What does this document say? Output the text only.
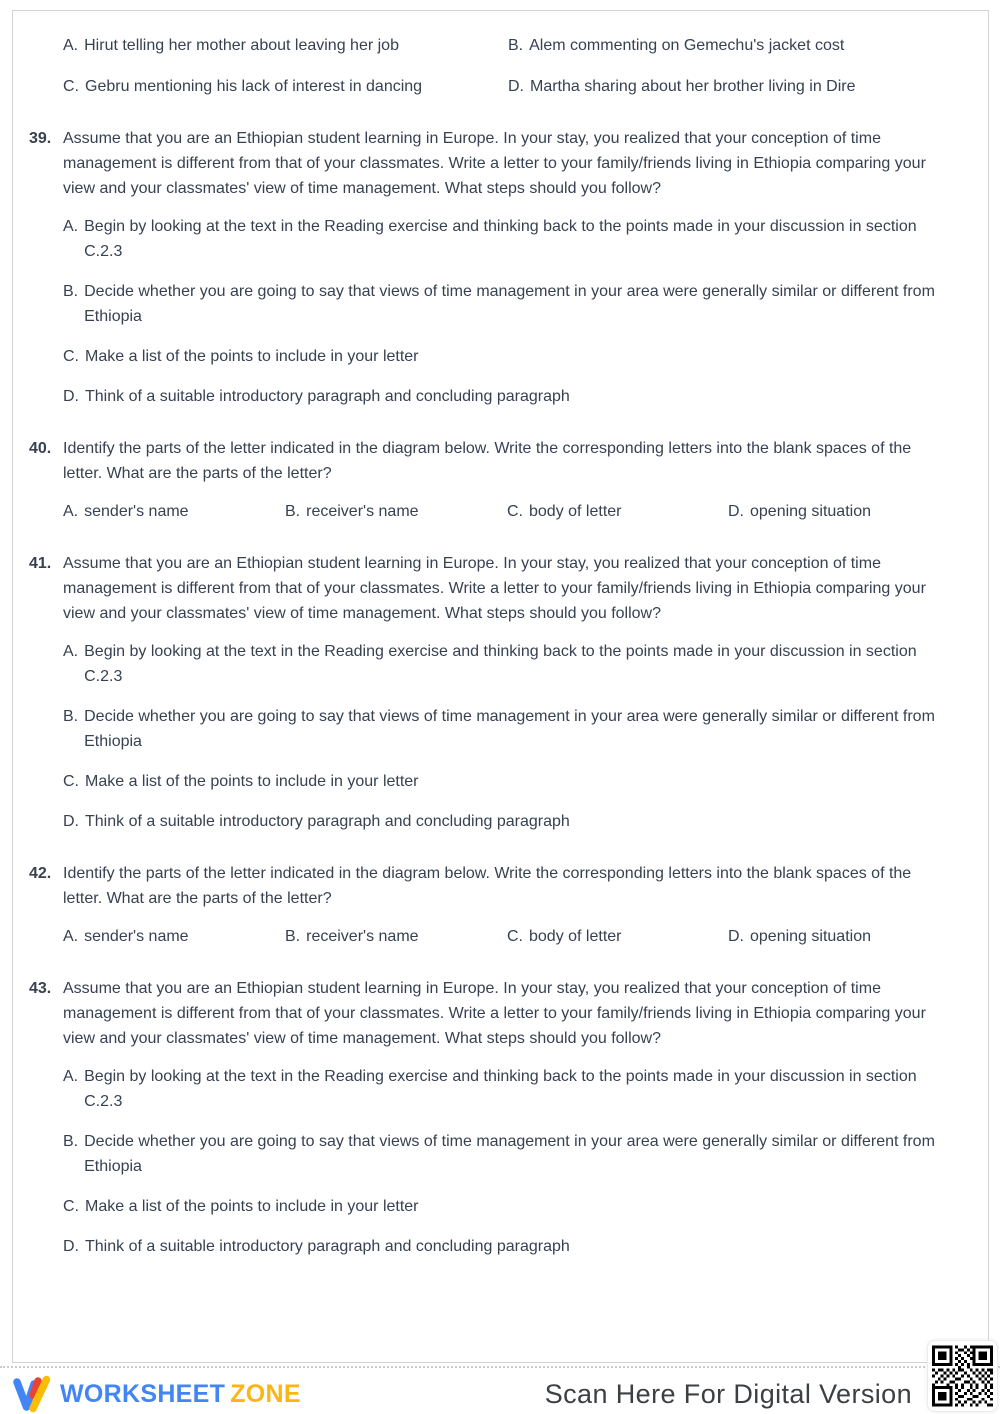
A. Hirut telling her mother about leaving her job	B. Alem commenting on Gemechu's jacket cost
C. Gebru mentioning his lack of interest in dancing	D. Martha sharing about her brother living in Dire
39. Assume that you are an Ethiopian student learning in Europe. In your stay, you realized that your conception of time management is different from that of your classmates. Write a letter to your family/friends living in Ethiopia comparing your view and your classmates' view of time management. What steps should you follow?

A. Begin by looking at the text in the Reading exercise and thinking back to the points made in your discussion in section C.2.3
B. Decide whether you are going to say that views of time management in your area were generally similar or different from Ethiopia
C. Make a list of the points to include in your letter
D. Think of a suitable introductory paragraph and concluding paragraph
40. Identify the parts of the letter indicated in the diagram below. Write the corresponding letters into the blank spaces of the letter. What are the parts of the letter?

A. sender's name	B. receiver's name	C. body of letter	D. opening situation
41. Assume that you are an Ethiopian student learning in Europe. In your stay, you realized that your conception of time management is different from that of your classmates. Write a letter to your family/friends living in Ethiopia comparing your view and your classmates' view of time management. What steps should you follow?

A. Begin by looking at the text in the Reading exercise and thinking back to the points made in your discussion in section C.2.3
B. Decide whether you are going to say that views of time management in your area were generally similar or different from Ethiopia
C. Make a list of the points to include in your letter
D. Think of a suitable introductory paragraph and concluding paragraph
42. Identify the parts of the letter indicated in the diagram below. Write the corresponding letters into the blank spaces of the letter. What are the parts of the letter?

A. sender's name	B. receiver's name	C. body of letter	D. opening situation
43. Assume that you are an Ethiopian student learning in Europe. In your stay, you realized that your conception of time management is different from that of your classmates. Write a letter to your family/friends living in Ethiopia comparing your view and your classmates' view of time management. What steps should you follow?

A. Begin by looking at the text in the Reading exercise and thinking back to the points made in your discussion in section C.2.3
B. Decide whether you are going to say that views of time management in your area were generally similar or different from Ethiopia
C. Make a list of the points to include in your letter
D. Think of a suitable introductory paragraph and concluding paragraph
WORKSHEET ZONE	Scan Here For Digital Version
